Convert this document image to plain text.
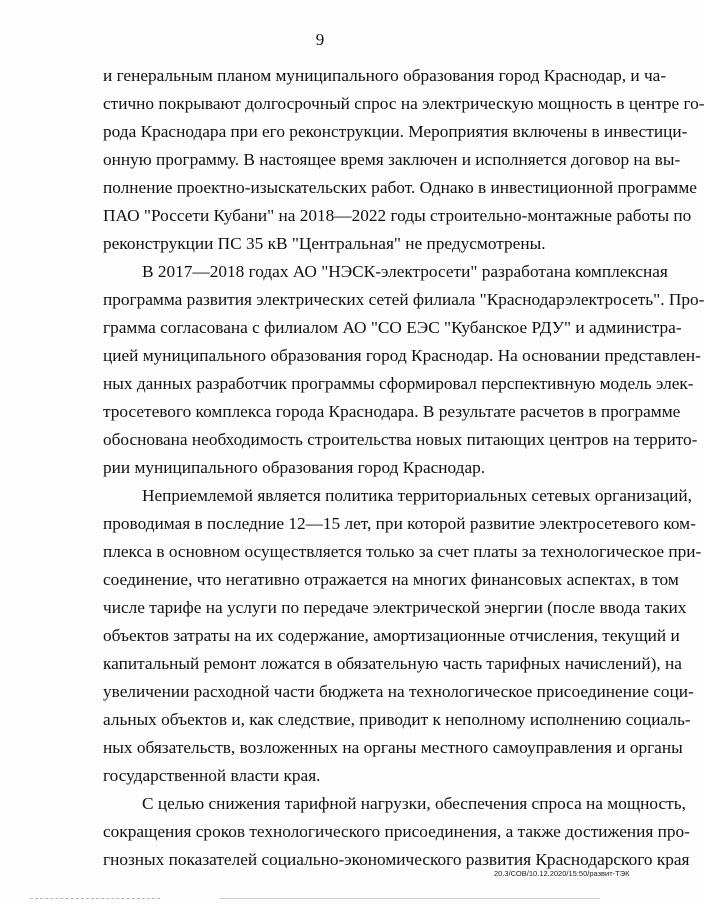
9
и генеральным планом муниципального образования город Краснодар, и ча-
стично покрывают долгосрочный спрос на электрическую мощность в центре го-
рода Краснодара при его реконструкции. Мероприятия включены в инвестици-
онную программу. В настоящее время заключен и исполняется договор на вы-
полнение проектно-изыскательских работ. Однако в инвестиционной программе
ПАО "Россети Кубани" на 2018—2022 годы строительно-монтажные работы по
реконструкции ПС 35 кВ "Центральная" не предусмотрены.
В 2017—2018 годах АО "НЭСК-электросети" разработана комплексная
программа развития электрических сетей филиала "Краснодарэлектросеть". Про-
грамма согласована с филиалом АО "СО ЕЭС "Кубанское РДУ" и администра-
цией муниципального образования город Краснодар. На основании представлен-
ных данных разработчик программы сформировал перспективную модель элек-
тросетевого комплекса города Краснодара. В результате расчетов в программе
обоснована необходимость строительства новых питающих центров на террито-
рии муниципального образования город Краснодар.
Неприемлемой является политика территориальных сетевых организаций,
проводимая в последние 12—15 лет, при которой развитие электросетевого ком-
плекса в основном осуществляется только за счет платы за технологическое при-
соединение, что негативно отражается на многих финансовых аспектах, в том
числе тарифе на услуги по передаче электрической энергии (после ввода таких
объектов затраты на их содержание, амортизационные отчисления, текущий и
капитальный ремонт ложатся в обязательную часть тарифных начислений), на
увеличении расходной части бюджета на технологическое присоединение соци-
альных объектов и, как следствие, приводит к неполному исполнению социаль-
ных обязательств, возложенных на органы местного самоуправления и органы
государственной власти края.
С целью снижения тарифной нагрузки, обеспечения спроса на мощность,
сокращения сроков технологического присоединения, а также достижения про-
гнозных показателей социально-экономического развития Краснодарского края
20.3/СОВ/10.12.2020/15:50/развит-ТЭК
